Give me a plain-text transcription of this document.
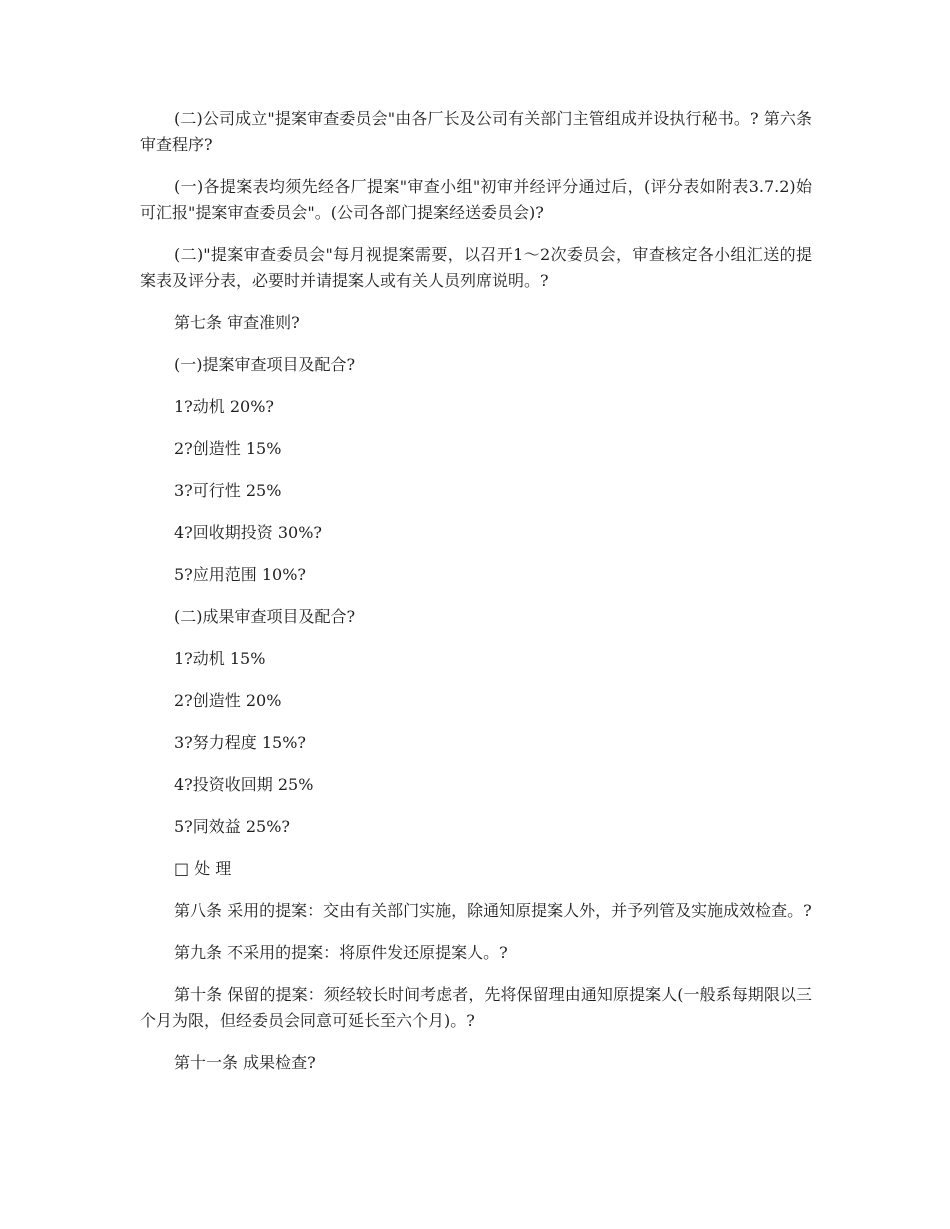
(二)公司成立"提案审查委员会"由各厂长及公司有关部门主管组成并设执行秘书。? 第六条 审查程序?

(一)各提案表均须先经各厂提案"审查小组"初审并经评分通过后，(评分表如附表3.7.2)始可汇报"提案审查委员会"。(公司各部门提案经送委员会)?

(二)"提案审查委员会"每月视提案需要，以召开1～2次委员会，审查核定各小组汇送的提案表及评分表，必要时并请提案人或有关人员列席说明。?

第七条 审查准则?

(一)提案审查项目及配合?

1?动机 20%?

2?创造性 15%

3?可行性 25%

4?回收期投资 30%?

5?应用范围 10%?

(二)成果审查项目及配合?

1?动机 15%

2?创造性 20%

3?努力程度 15%?

4?投资收回期 25%

5?同效益 25%?

□ 处 理

第八条 采用的提案：交由有关部门实施，除通知原提案人外，并予列管及实施成效检查。?

第九条 不采用的提案：将原件发还原提案人。?

第十条 保留的提案：须经较长时间考虑者，先将保留理由通知原提案人(一般系每期限以三个月为限，但经委员会同意可延长至六个月)。?

第十一条 成果检查?
